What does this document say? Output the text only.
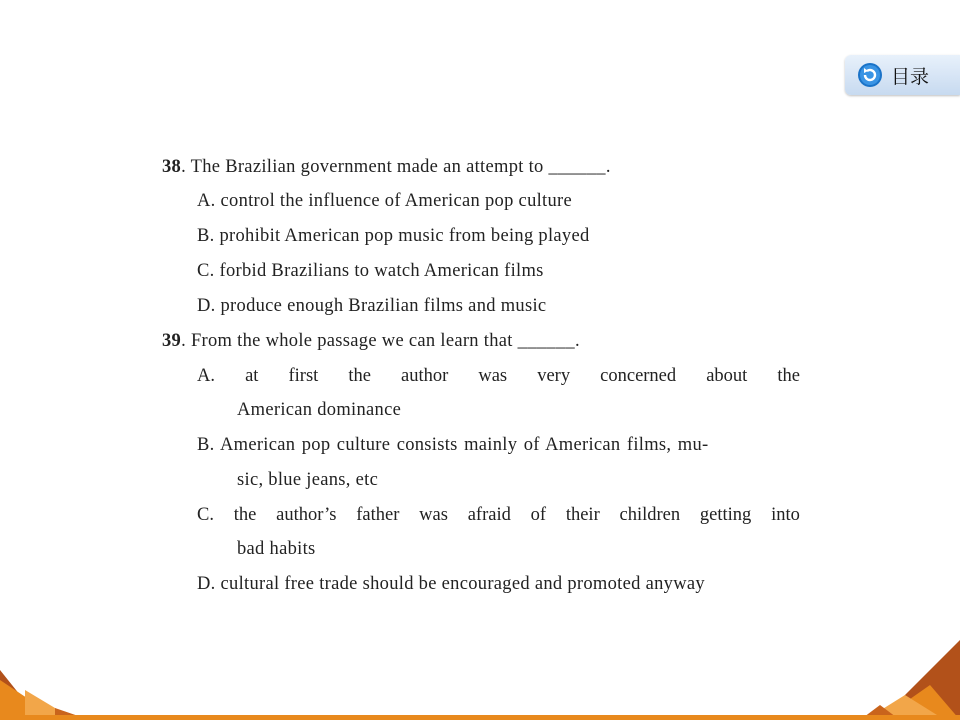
目录
38. The Brazilian government made an attempt to ______.
A. control the influence of American pop culture
B. prohibit American pop music from being played
C. forbid Brazilians to watch American films
D. produce enough Brazilian films and music
39. From the whole passage we can learn that ______.
A. at first the author was very concerned about the
American dominance
B. American pop culture consists mainly of American films, mu-
sic, blue jeans, etc
C. the author’s father was afraid of their children getting into
bad habits
D. cultural free trade should be encouraged and promoted anyway
